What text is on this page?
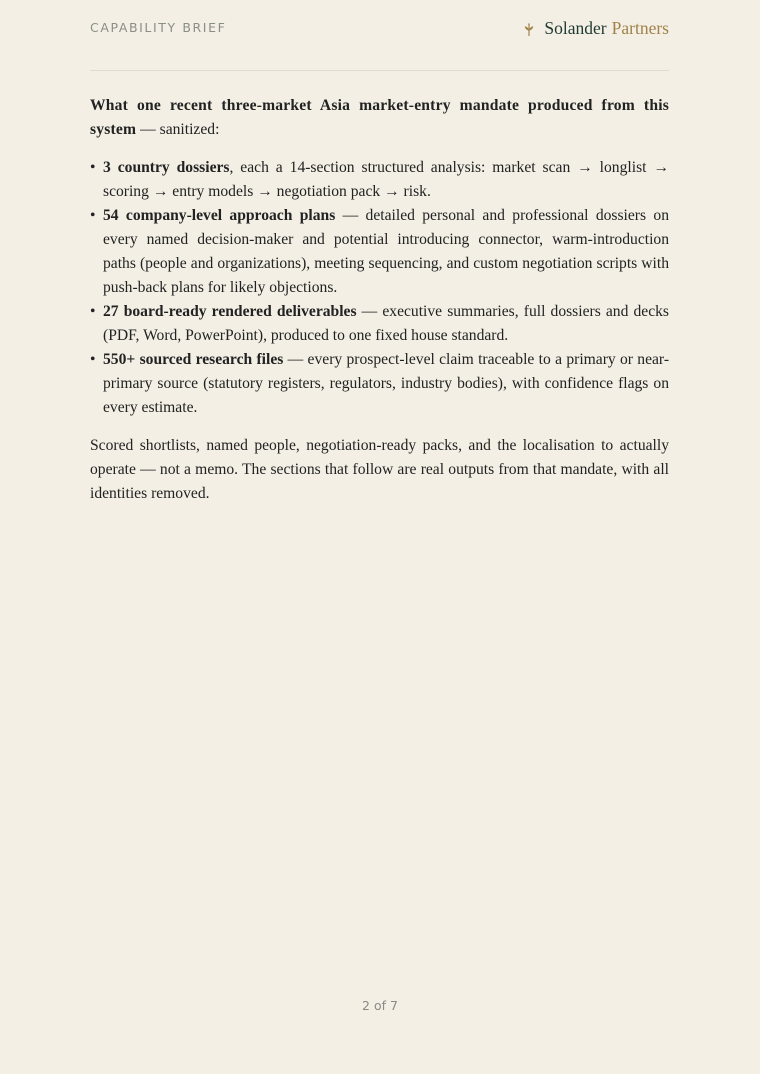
CAPABILITY BRIEF	Solander Partners

What one recent three-market Asia market-entry mandate produced from this system — sanitized:

• 3 country dossiers, each a 14-section structured analysis: market scan → longlist → scoring → entry models → negotiation pack → risk.
• 54 company-level approach plans — detailed personal and professional dossiers on every named decision-maker and potential introducing connector, warm-introduction paths (people and organizations), meeting sequencing, and custom negotiation scripts with push-back plans for likely objections.
• 27 board-ready rendered deliverables — executive summaries, full dossiers and decks (PDF, Word, PowerPoint), produced to one fixed house standard.
• 550+ sourced research files — every prospect-level claim traceable to a primary or near-primary source (statutory registers, regulators, industry bodies), with confidence flags on every estimate.

Scored shortlists, named people, negotiation-ready packs, and the localisation to actually operate — not a memo. The sections that follow are real outputs from that mandate, with all identities removed.

2 of 7
